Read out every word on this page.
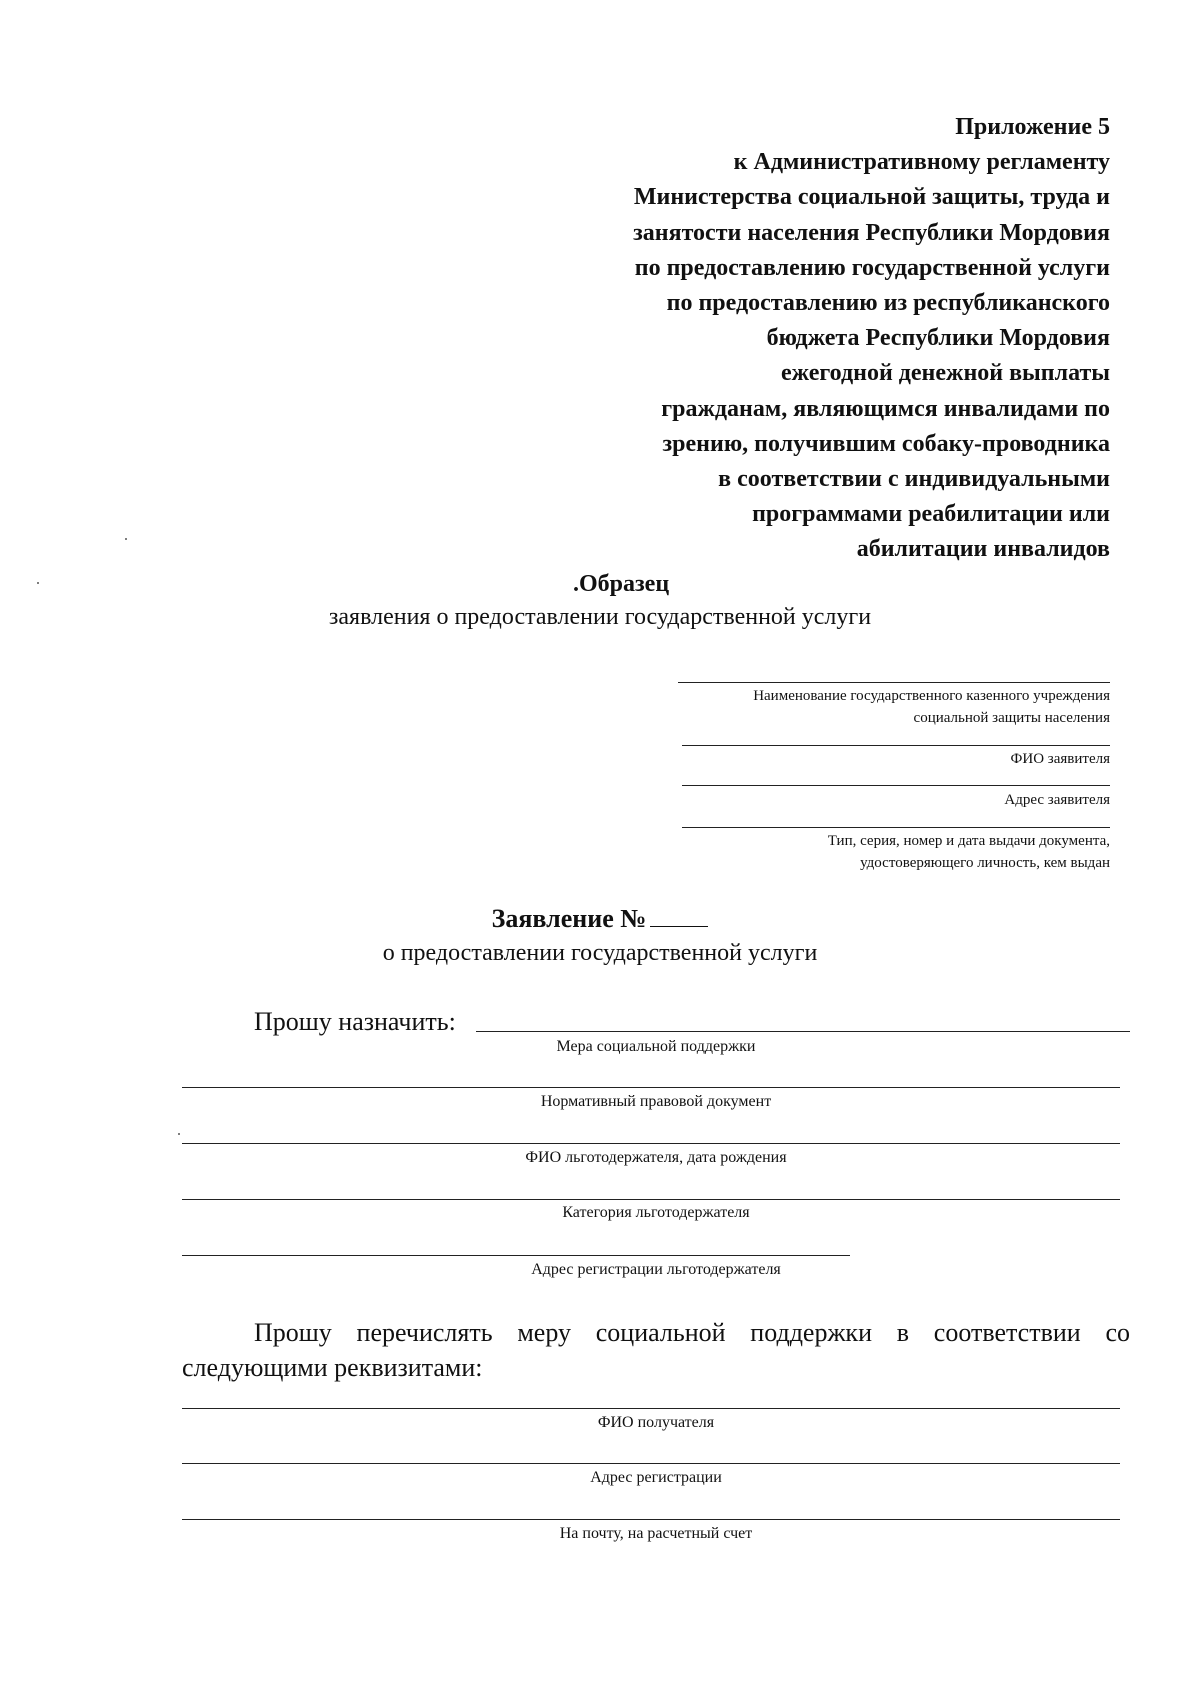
Приложение 5
к Административному регламенту
Министерства социальной защиты, труда и
занятости населения Республики Мордовия
по предоставлению государственной услуги
по предоставлению из республиканского
бюджета Республики Мордовия
ежегодной денежной выплаты
гражданам, являющимся инвалидами по
зрению, получившим собаку-проводника
в соответствии с индивидуальными
программами реабилитации или
абилитации инвалидов
.Образец
заявления о предоставлении государственной услуги
Наименование государственного казенного учреждения
социальной защиты населения
ФИО заявителя
Адрес заявителя
Тип, серия, номер и дата выдачи документа,
удостоверяющего личность, кем выдан
Заявление №
о предоставлении государственной услуги
Прошу назначить:
Мера социальной поддержки
Нормативный правовой документ
ФИО льготодержателя, дата рождения
Категория льготодержателя
Адрес регистрации льготодержателя
Прошу перечислять меру социальной поддержки в соответствии со следующими реквизитами:
ФИО получателя
Адрес регистрации
На почту, на расчетный счет
